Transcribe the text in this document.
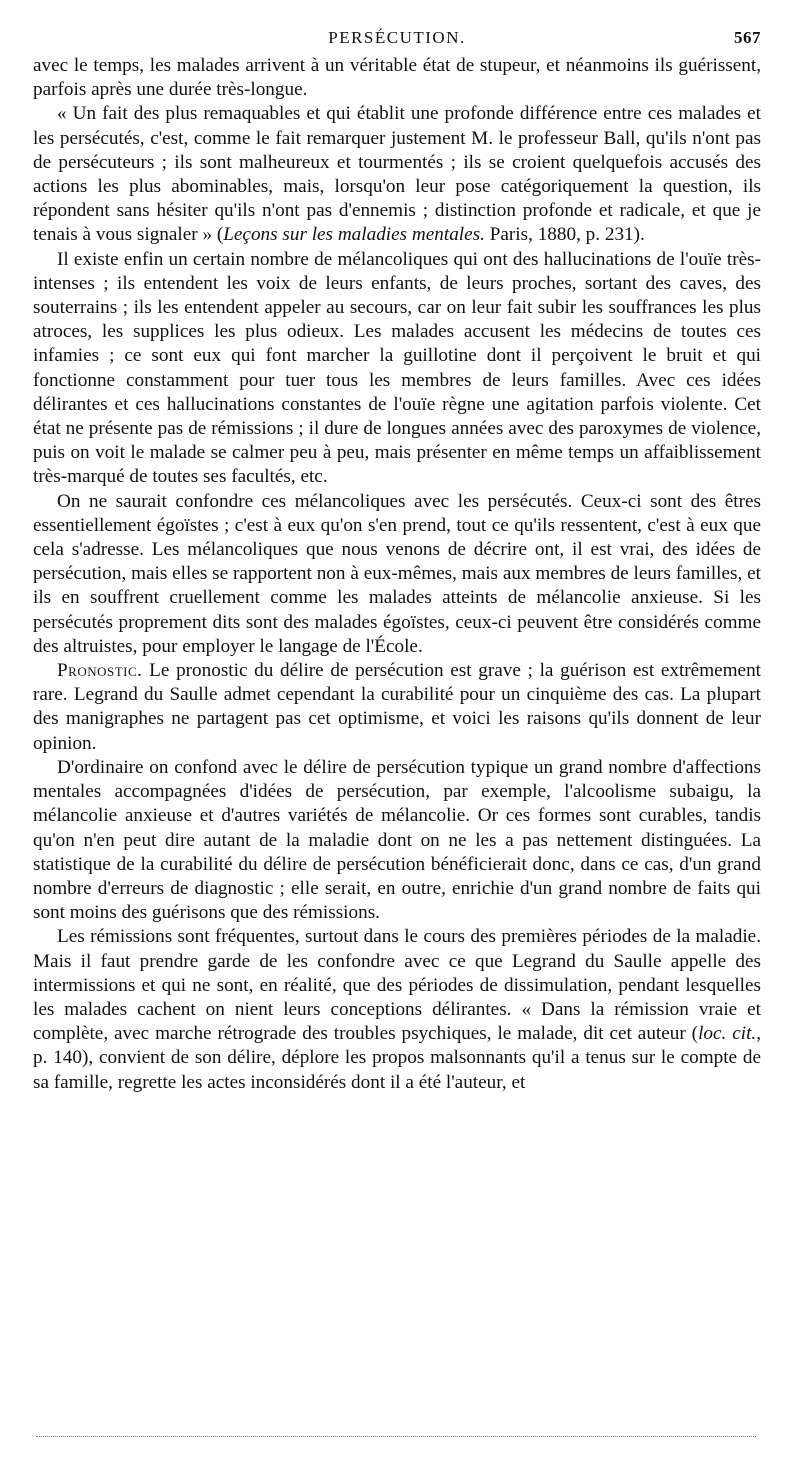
PERSÉCUTION.	567

avec le temps, les malades arrivent à un véritable état de stupeur, et néanmoins ils guérissent, parfois après une durée très-longue.

« Un fait des plus remaquables et qui établit une profonde différence entre ces malades et les persécutés, c'est, comme le fait remarquer justement M. le professeur Ball, qu'ils n'ont pas de persécuteurs ; ils sont malheureux et tourmentés ; ils se croient quelquefois accusés des actions les plus abominables, mais, lorsqu'on leur pose catégoriquement la question, ils répondent sans hésiter qu'ils n'ont pas d'ennemis ; distinction profonde et radicale, et que je tenais à vous signaler » (Leçons sur les maladies mentales. Paris, 1880, p. 231).

Il existe enfin un certain nombre de mélancoliques qui ont des hallucinations de l'ouïe très-intenses ; ils entendent les voix de leurs enfants, de leurs proches, sortant des caves, des souterrains ; ils les entendent appeler au secours, car on leur fait subir les souffrances les plus atroces, les supplices les plus odieux. Les malades accusent les médecins de toutes ces infamies ; ce sont eux qui font marcher la guillotine dont il perçoivent le bruit et qui fonctionne constamment pour tuer tous les membres de leurs familles. Avec ces idées délirantes et ces hallucinations constantes de l'ouïe règne une agitation parfois violente. Cet état ne présente pas de rémissions ; il dure de longues années avec des paroxymes de violence, puis on voit le malade se calmer peu à peu, mais présenter en même temps un affaiblissement très-marqué de toutes ses facultés, etc.

On ne saurait confondre ces mélancoliques avec les persécutés. Ceux-ci sont des êtres essentiellement égoïstes ; c'est à eux qu'on s'en prend, tout ce qu'ils ressentent, c'est à eux que cela s'adresse. Les mélancoliques que nous venons de décrire ont, il est vrai, des idées de persécution, mais elles se rapportent non à eux-mêmes, mais aux membres de leurs familles, et ils en souffrent cruellement comme les malades atteints de mélancolie anxieuse. Si les persécutés proprement dits sont des malades égoïstes, ceux-ci peuvent être considérés comme des altruistes, pour employer le langage de l'École.

Pronostic. Le pronostic du délire de persécution est grave ; la guérison est extrêmement rare. Legrand du Saulle admet cependant la curabilité pour un cinquième des cas. La plupart des manigraphes ne partagent pas cet optimisme, et voici les raisons qu'ils donnent de leur opinion.

D'ordinaire on confond avec le délire de persécution typique un grand nombre d'affections mentales accompagnées d'idées de persécution, par exemple, l'alcoolisme subaigu, la mélancolie anxieuse et d'autres variétés de mélancolie. Or ces formes sont curables, tandis qu'on n'en peut dire autant de la maladie dont on ne les a pas nettement distinguées. La statistique de la curabilité du délire de persécution bénéficierait donc, dans ce cas, d'un grand nombre d'erreurs de diagnostic ; elle serait, en outre, enrichie d'un grand nombre de faits qui sont moins des guérisons que des rémissions.

Les rémissions sont fréquentes, surtout dans le cours des premières périodes de la maladie. Mais il faut prendre garde de les confondre avec ce que Legrand du Saulle appelle des intermissions et qui ne sont, en réalité, que des périodes de dissimulation, pendant lesquelles les malades cachent on nient leurs conceptions délirantes. « Dans la rémission vraie et complète, avec marche rétrograde des troubles psychiques, le malade, dit cet auteur (loc. cit., p. 140), convient de son délire, déplore les propos malsonnants qu'il a tenus sur le compte de sa famille, regrette les actes inconsidérés dont il a été l'auteur, et
